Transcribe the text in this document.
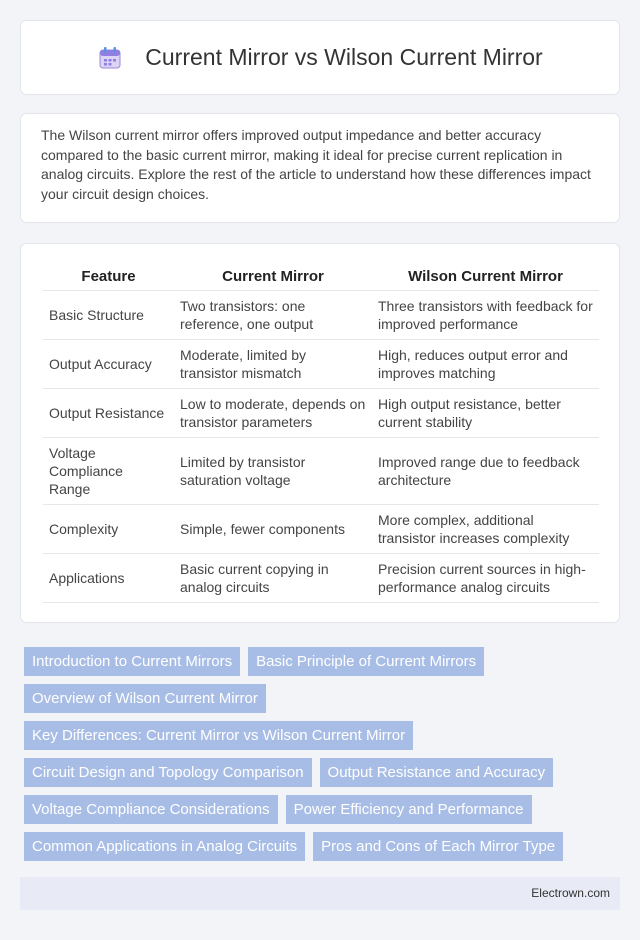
Current Mirror vs Wilson Current Mirror

The Wilson current mirror offers improved output impedance and better accuracy compared to the basic current mirror, making it ideal for precise current replication in analog circuits. Explore the rest of the article to understand how these differences impact your circuit design choices.

Feature	Current Mirror	Wilson Current Mirror
Basic Structure	Two transistors: one reference, one output	Three transistors with feedback for improved performance
Output Accuracy	Moderate, limited by transistor mismatch	High, reduces output error and improves matching
Output Resistance	Low to moderate, depends on transistor parameters	High output resistance, better current stability
Voltage Compliance Range	Limited by transistor saturation voltage	Improved range due to feedback architecture
Complexity	Simple, fewer components	More complex, additional transistor increases complexity
Applications	Basic current copying in analog circuits	Precision current sources in high-performance analog circuits
Introduction to Current Mirrors	Basic Principle of Current Mirrors
Overview of Wilson Current Mirror
Key Differences: Current Mirror vs Wilson Current Mirror
Circuit Design and Topology Comparison	Output Resistance and Accuracy
Voltage Compliance Considerations	Power Efficiency and Performance
Common Applications in Analog Circuits	Pros and Cons of Each Mirror Type
Electrown.com
